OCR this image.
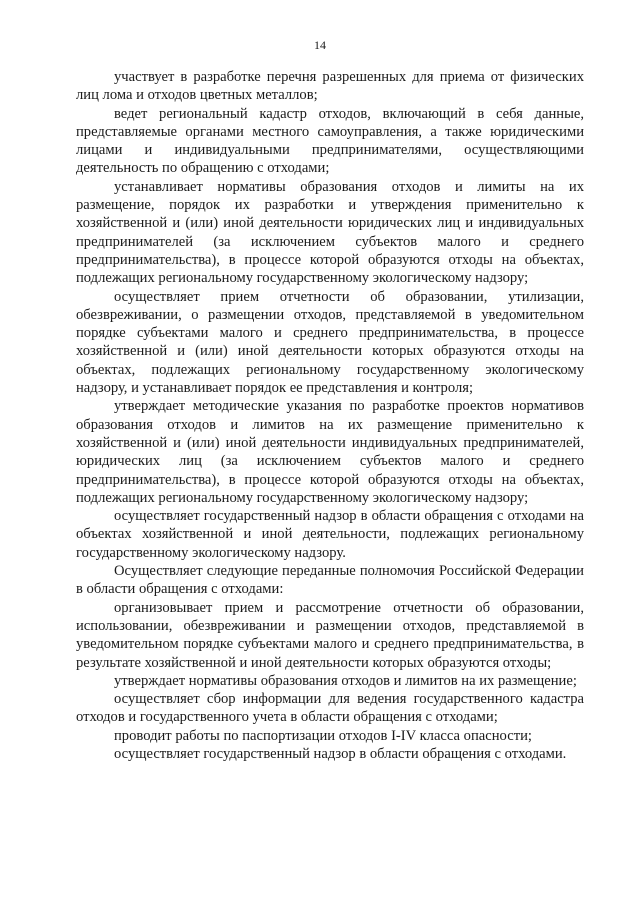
14

участвует в разработке перечня разрешенных для приема от физических лиц лома и отходов цветных металлов;

ведет региональный кадастр отходов, включающий в себя данные, представляемые органами местного самоуправления, а также юридическими лицами и индивидуальными предпринимателями, осуществляющими деятельность по обращению с отходами;

устанавливает нормативы образования отходов и лимиты на их размещение, порядок их разработки и утверждения применительно к хозяйственной и (или) иной деятельности юридических лиц и индивидуальных предпринимателей (за исключением субъектов малого и среднего предпринимательства), в процессе которой образуются отходы на объектах, подлежащих региональному государственному экологическому надзору;

осуществляет прием отчетности об образовании, утилизации, обезвреживании, о размещении отходов, представляемой в уведомительном порядке субъектами малого и среднего предпринимательства, в процессе хозяйственной и (или) иной деятельности которых образуются отходы на объектах, подлежащих региональному государственному экологическому надзору, и устанавливает порядок ее представления и контроля;

утверждает методические указания по разработке проектов нормативов образования отходов и лимитов на их размещение применительно к хозяйственной и (или) иной деятельности индивидуальных предпринимателей, юридических лиц (за исключением субъектов малого и среднего предпринимательства), в процессе которой образуются отходы на объектах, подлежащих региональному государственному экологическому надзору;

осуществляет государственный надзор в области обращения с отходами на объектах хозяйственной и иной деятельности, подлежащих региональному государственному экологическому надзору.

Осуществляет следующие переданные полномочия Российской Федерации в области обращения с отходами:

организовывает прием и рассмотрение отчетности об образовании, использовании, обезвреживании и размещении отходов, представляемой в уведомительном порядке субъектами малого и среднего предпринимательства, в результате хозяйственной и иной деятельности которых образуются отходы;

утверждает нормативы образования отходов и лимитов на их размещение;

осуществляет сбор информации для ведения государственного кадастра отходов и государственного учета в области обращения с отходами;

проводит работы по паспортизации отходов I-IV класса опасности;

осуществляет государственный надзор в области обращения с отходами.
